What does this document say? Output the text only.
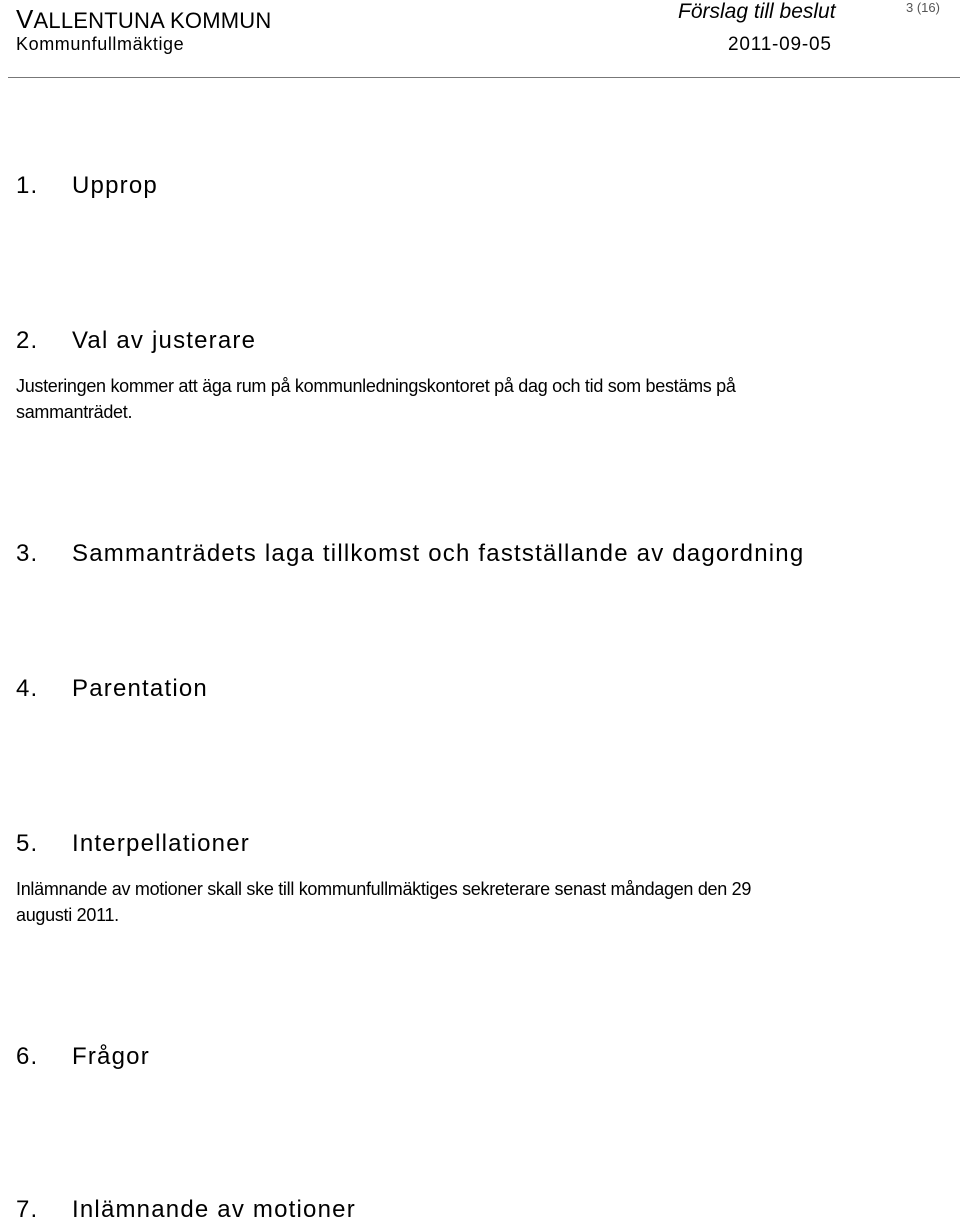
VALLENTUNA KOMMUN
Kommunfullmäktige
Förslag till beslut	3 (16)
2011-09-05
1. Upprop
2. Val av justerare
Justeringen kommer att äga rum på kommunledningskontoret på dag och tid som bestäms på
sammanträdet.
3. Sammanträdets laga tillkomst och fastställande av dagordning
4. Parentation
5. Interpellationer
Inlämnande av motioner skall ske till kommunfullmäktiges sekreterare senast måndagen den 29
augusti 2011.
6. Frågor
7. Inlämnande av motioner
